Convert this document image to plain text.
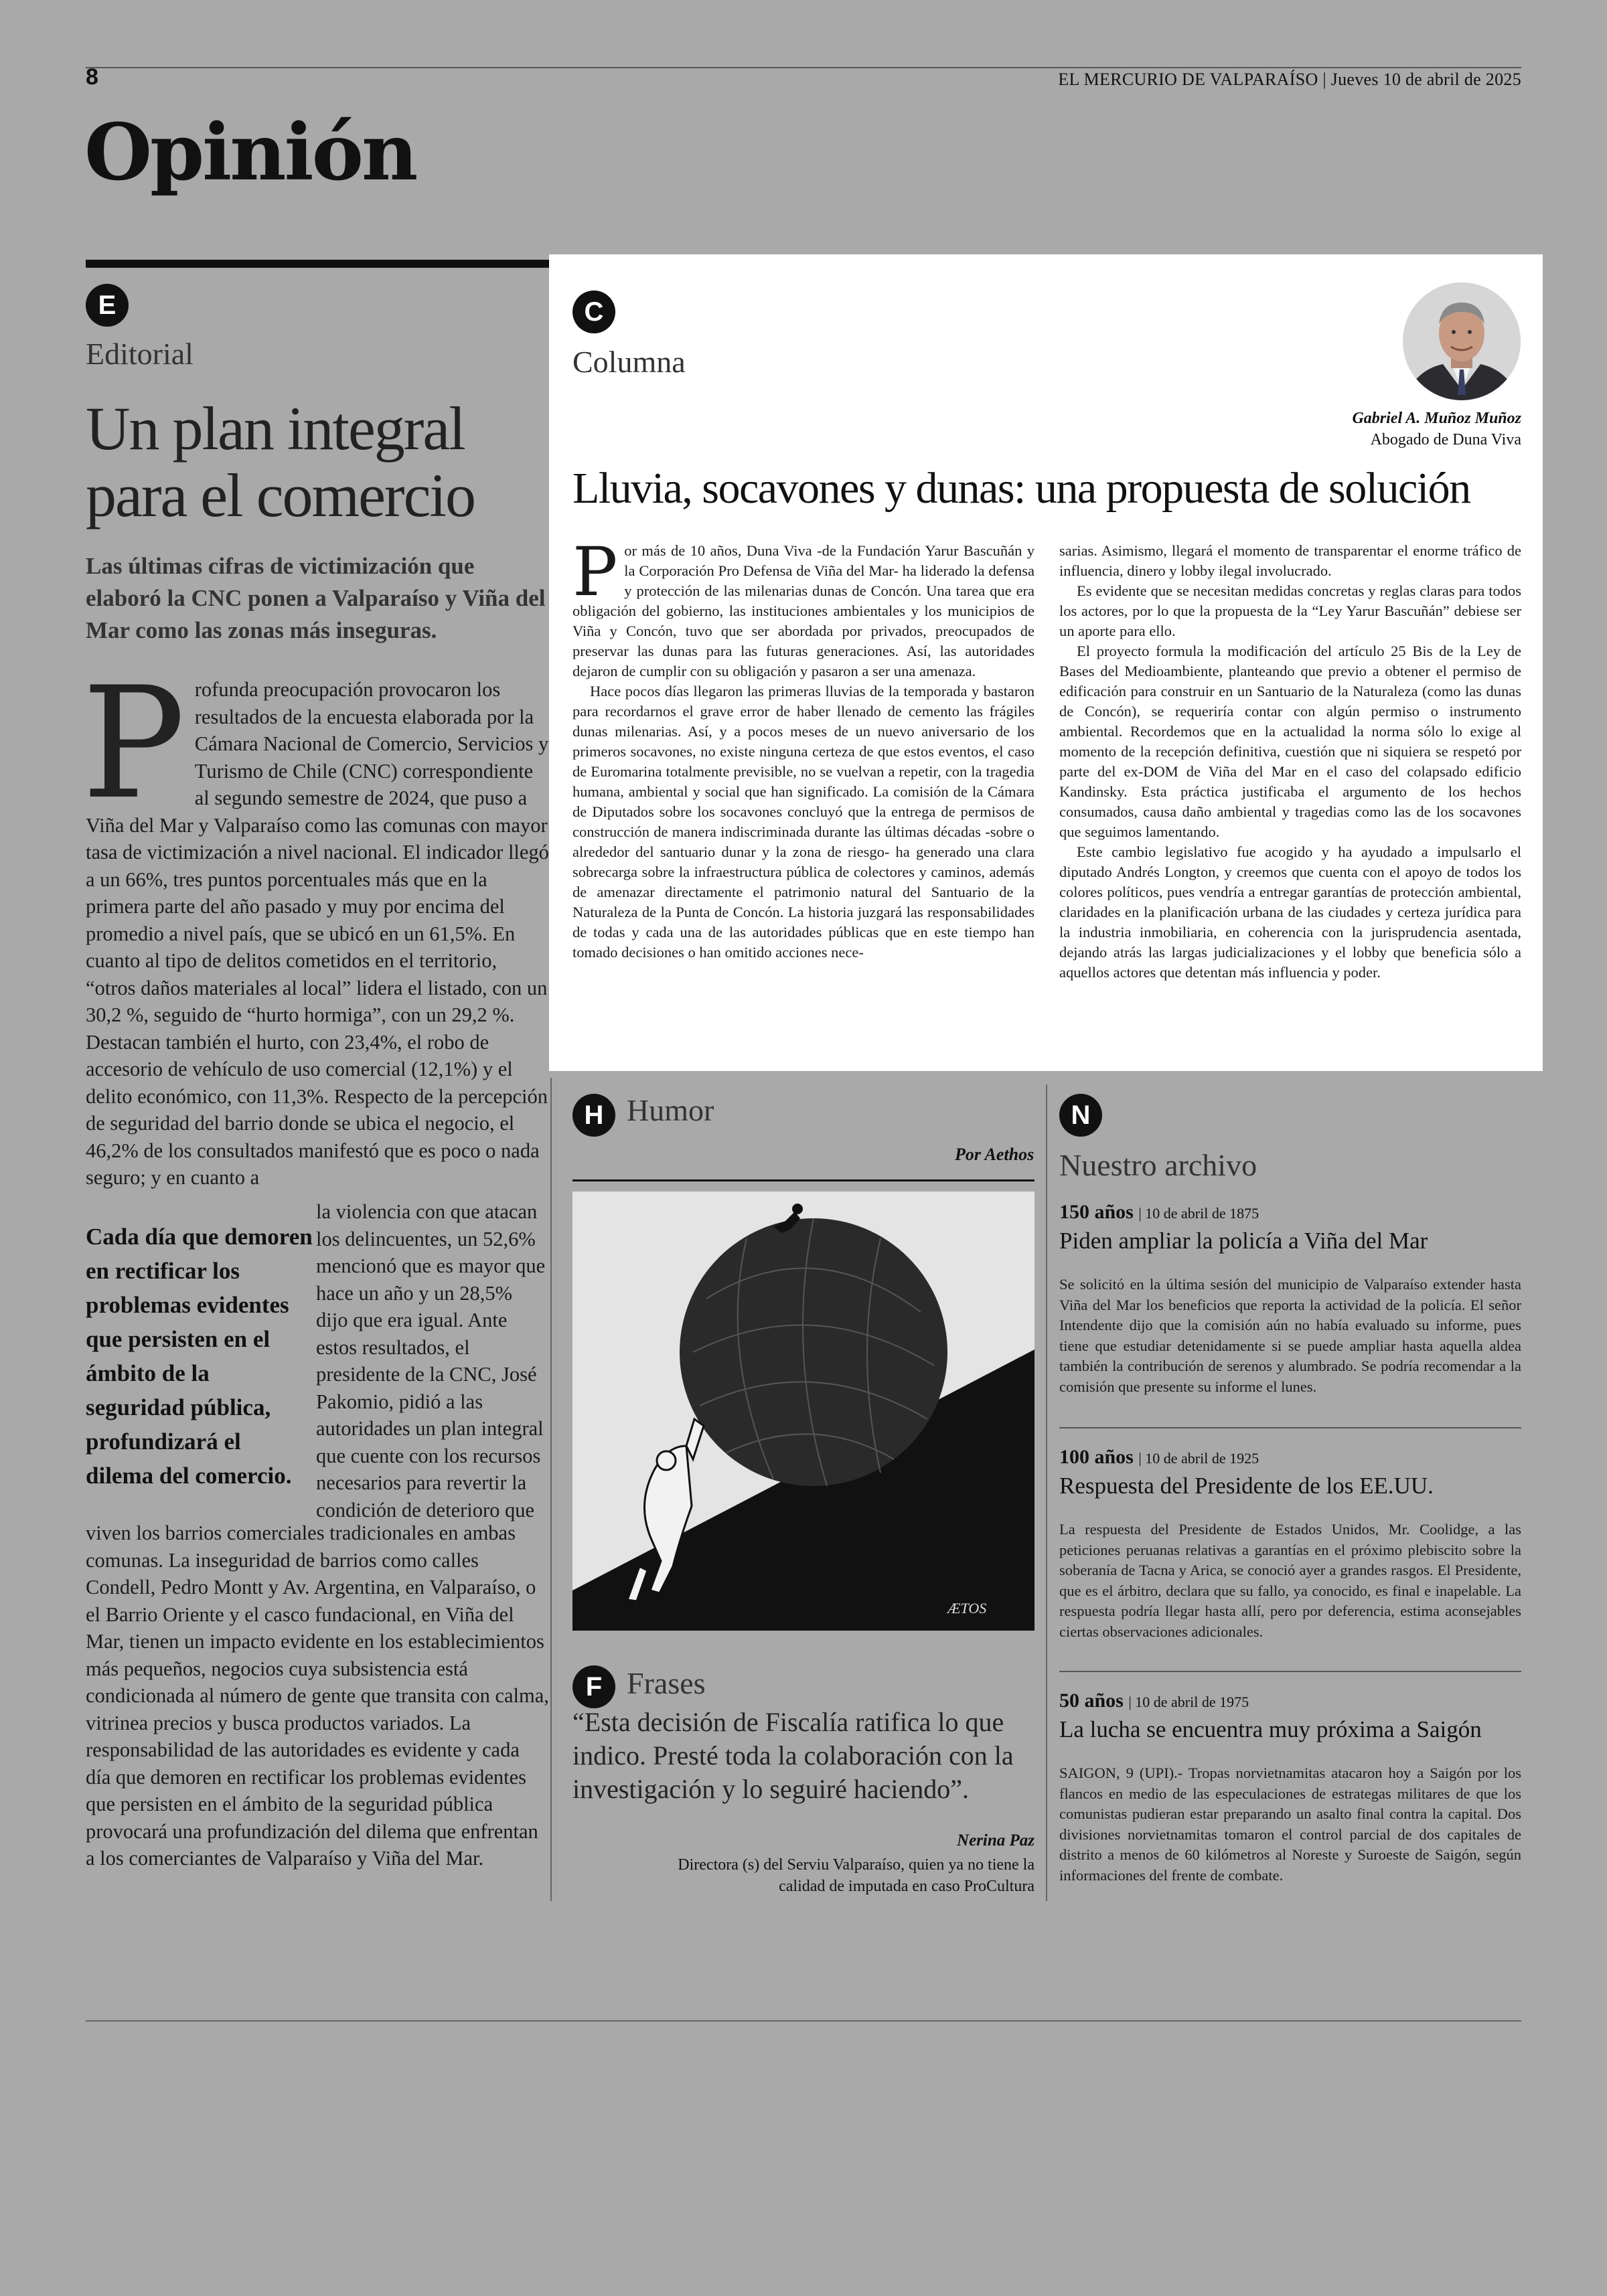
8	EL MERCURIO DE VALPARAÍSO | Jueves 10 de abril de 2025
Opinión
E
Editorial
Un plan integral para el comercio
Las últimas cifras de victimización que elaboró la CNC ponen a Valparaíso y Viña del Mar como las zonas más inseguras.
P rofunda preocupación provocaron los resultados de la encuesta elaborada por la Cámara Nacional de Comercio, Servicios y Turismo de Chile (CNC) correspondiente al segundo semestre de 2024, que puso a Viña del Mar y Valparaíso como las comunas con mayor tasa de victimización a nivel nacional. El indicador llegó a un 66%, tres puntos porcentuales más que en la primera parte del año pasado y muy por encima del promedio a nivel país, que se ubicó en un 61,5%. En cuanto al tipo de delitos cometidos en el territorio, “otros daños materiales al local” lidera el listado, con un 30,2 %, seguido de “hurto hormiga”, con un 29,2 %. Destacan también el hurto, con 23,4%, el robo de accesorio de vehículo de uso comercial (12,1%) y el delito económico, con 11,3%. Respecto de la percepción de seguridad del barrio donde se ubica el negocio, el 46,2% de los consultados manifestó que es poco o nada seguro; y en cuanto a
Cada día que demoren en rectificar los problemas evidentes que persisten en el ámbito de la seguridad pública, profundizará el dilema del comercio.
la violencia con que atacan los delincuentes, un 52,6% mencionó que es mayor que hace un año y un 28,5% dijo que era igual. Ante estos resultados, el presidente de la CNC, José Pakomio, pidió a las autoridades un plan integral que cuente con los recursos necesarios para revertir la condición de deterioro que
viven los barrios comerciales tradicionales en ambas comunas. La inseguridad de barrios como calles Condell, Pedro Montt y Av. Argentina, en Valparaíso, o el Barrio Oriente y el casco fundacional, en Viña del Mar, tienen un impacto evidente en los establecimientos más pequeños, negocios cuya subsistencia está condicionada al número de gente que transita con calma, vitrinea precios y busca productos variados. La responsabilidad de las autoridades es evidente y cada día que demoren en rectificar los problemas evidentes que persisten en el ámbito de la seguridad pública provocará una profundización del dilema que enfrentan a los comerciantes de Valparaíso y Viña del Mar.
C
Columna
Gabriel A. Muñoz Muñoz
Abogado de Duna Viva
Lluvia, socavones y dunas: una propuesta de solución
P or más de 10 años, Duna Viva -de la Fundación Yarur Bascuñán y la Corporación Pro Defensa de Viña del Mar- ha liderado la defensa y protección de las milenarias dunas de Concón. Una tarea que era obligación del gobierno, las instituciones ambientales y los municipios de Viña y Concón, tuvo que ser abordada por privados, preocupados de preservar las dunas para las futuras generaciones. Así, las autoridades dejaron de cumplir con su obligación y pasaron a ser una amenaza.
Hace pocos días llegaron las primeras lluvias de la temporada y bastaron para recordarnos el grave error de haber llenado de cemento las frágiles dunas milenarias. Así, y a pocos meses de un nuevo aniversario de los primeros socavones, no existe ninguna certeza de que estos eventos, el caso de Euromarina totalmente previsible, no se vuelvan a repetir, con la tragedia humana, ambiental y social que han significado. La comisión de la Cámara de Diputados sobre los socavones concluyó que la entrega de permisos de construcción de manera indiscriminada durante las últimas décadas -sobre o alrededor del santuario dunar y la zona de riesgo- ha generado una clara sobrecarga sobre la infraestructura pública de colectores y caminos, además de amenazar directamente el patrimonio natural del Santuario de la Naturaleza de la Punta de Concón. La historia juzgará las responsabilidades de todas y cada una de las autoridades públicas que en este tiempo han tomado decisiones o han omitido acciones nece-
sarias. Asimismo, llegará el momento de transparentar el enorme tráfico de influencia, dinero y lobby ilegal involucrado.
Es evidente que se necesitan medidas concretas y reglas claras para todos los actores, por lo que la propuesta de la “Ley Yarur Bascuñán” debiese ser un aporte para ello.
El proyecto formula la modificación del artículo 25 Bis de la Ley de Bases del Medioambiente, planteando que previo a obtener el permiso de edificación para construir en un Santuario de la Naturaleza (como las dunas de Concón), se requeriría contar con algún permiso o instrumento ambiental. Recordemos que en la actualidad la norma sólo lo exige al momento de la recepción definitiva, cuestión que ni siquiera se respetó por parte del ex-DOM de Viña del Mar en el caso del colapsado edificio Kandinsky. Esta práctica justificaba el argumento de los hechos consumados, causa daño ambiental y tragedias como las de los socavones que seguimos lamentando.
Este cambio legislativo fue acogido y ha ayudado a impulsarlo el diputado Andrés Longton, y creemos que cuenta con el apoyo de todos los colores políticos, pues vendría a entregar garantías de protección ambiental, claridades en la planificación urbana de las ciudades y certeza jurídica para la industria inmobiliaria, en coherencia con la jurisprudencia asentada, dejando atrás las largas judicializaciones y el lobby que beneficia sólo a aquellos actores que detentan más influencia y poder.
H Humor
Por Aethos
ÆTOS
F Frases
“Esta decisión de Fiscalía ratifica lo que indico. Presté toda la colaboración con la investigación y lo seguiré haciendo”.
Nerina Paz
Directora (s) del Serviu Valparaíso, quien ya no tiene la calidad de imputada en caso ProCultura
N
Nuestro archivo
150 años | 10 de abril de 1875
Piden ampliar la policía a Viña del Mar
Se solicitó en la última sesión del municipio de Valparaíso extender hasta Viña del Mar los beneficios que reporta la actividad de la policía. El señor Intendente dijo que la comisión aún no había evaluado su informe, pues tiene que estudiar detenidamente si se puede ampliar hasta aquella aldea también la contribución de serenos y alumbrado. Se podría recomendar a la comisión que presente su informe el lunes.
100 años | 10 de abril de 1925
Respuesta del Presidente de los EE.UU.
La respuesta del Presidente de Estados Unidos, Mr. Coolidge, a las peticiones peruanas relativas a garantías en el próximo plebiscito sobre la soberanía de Tacna y Arica, se conoció ayer a grandes rasgos. El Presidente, que es el árbitro, declara que su fallo, ya conocido, es final e inapelable. La respuesta podría llegar hasta allí, pero por deferencia, estima aconsejables ciertas observaciones adicionales.
50 años | 10 de abril de 1975
La lucha se encuentra muy próxima a Saigón
SAIGON, 9 (UPI).- Tropas norvietnamitas atacaron hoy a Saigón por los flancos en medio de las especulaciones de estrategas militares de que los comunistas pudieran estar preparando un asalto final contra la capital. Dos divisiones norvietnamitas tomaron el control parcial de dos capitales de distrito a menos de 60 kilómetros al Noreste y Suroeste de Saigón, según informaciones del frente de combate.
